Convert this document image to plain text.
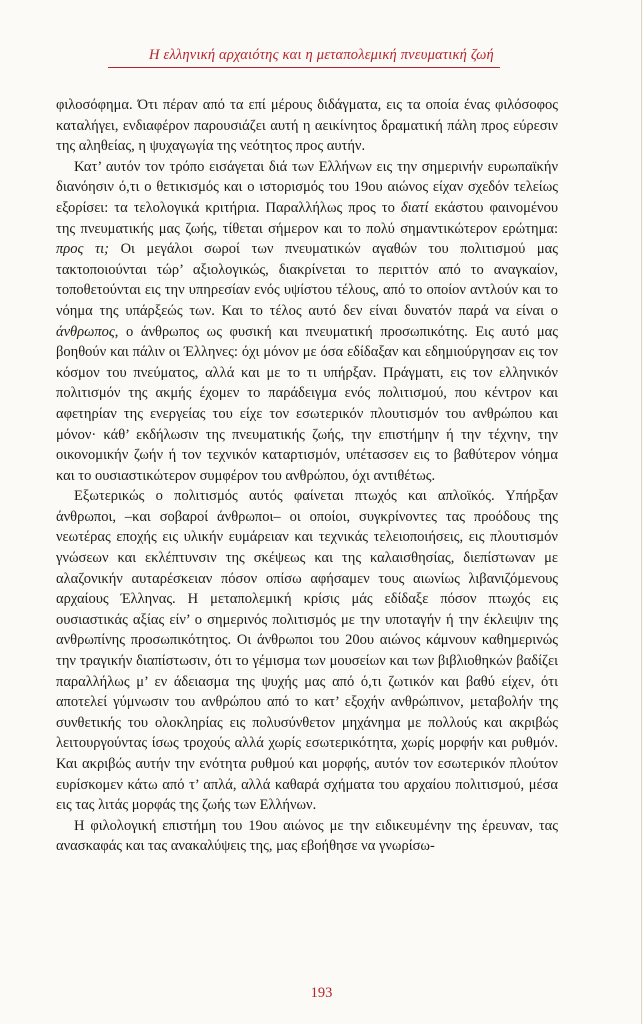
Η ελληνική αρχαιότης και η μεταπολεμική πνευματική ζωή

φιλοσόφημα. Ότι πέραν από τα επί μέρους διδάγματα, εις τα οποία ένας φιλόσοφος καταλήγει, ενδιαφέρον παρουσιάζει αυτή η αεικίνητος δραματική πάλη προς εύρεσιν της αληθείας, η ψυχαγωγία της νεότητος προς αυτήν.

Κατ’ αυτόν τον τρόπο εισάγεται διά των Ελλήνων εις την σημερινήν ευρωπαϊκήν διανόησιν ό,τι ο θετικισμός και ο ιστορισμός του 19ου αιώνος είχαν σχεδόν τελείως εξορίσει: τα τελολογικά κριτήρια. Παραλλήλως προς το διατί εκάστου φαινομένου της πνευματικής μας ζωής, τίθεται σήμερον και το πολύ σημαντικώτερον ερώτημα: προς τι; Οι μεγάλοι σωροί των πνευματικών αγαθών του πολιτισμού μας τακτοποιούνται τώρ’ αξιολογικώς, διακρίνεται το περιττόν από το αναγκαίον, τοποθετούνται εις την υπηρεσίαν ενός υψίστου τέλους, από το οποίον αντλούν και το νόημα της υπάρξεώς των. Και το τέλος αυτό δεν είναι δυνατόν παρά να είναι ο άνθρωπος, ο άνθρωπος ως φυσική και πνευματική προσωπικότης. Εις αυτό μας βοηθούν και πάλιν οι Έλληνες: όχι μόνον με όσα εδίδαξαν και εδημιούργησαν εις τον κόσμον του πνεύματος, αλλά και με το τι υπήρξαν. Πράγματι, εις τον ελληνικόν πολιτισμόν της ακμής έχομεν το παράδειγμα ενός πολιτισμού, που κέντρον και αφετηρίαν της ενεργείας του είχε τον εσωτερικόν πλουτισμόν του ανθρώπου και μόνον· κάθ’ εκδήλωσιν της πνευματικής ζωής, την επιστήμην ή την τέχνην, την οικονομικήν ζωήν ή τον τεχνικόν καταρτισμόν, υπέτασσεν εις το βαθύτερον νόημα και το ουσιαστικώτερον συμφέρον του ανθρώπου, όχι αντιθέτως.

Εξωτερικώς ο πολιτισμός αυτός φαίνεται πτωχός και απλοϊκός. Υπήρξαν άνθρωποι, –και σοβαροί άνθρωποι– οι οποίοι, συγκρίνοντες τας προόδους της νεωτέρας εποχής εις υλικήν ευμάρειαν και τεχνικάς τελειοποιήσεις, εις πλουτισμόν γνώσεων και εκλέπτυνσιν της σκέψεως και της καλαισθησίας, διεπίστωναν με αλαζονικήν αυταρέσκειαν πόσον οπίσω αφήσαμεν τους αιωνίως λιβανιζόμενους αρχαίους Έλληνας. Η μεταπολεμική κρίσις μάς εδίδαξε πόσον πτωχός εις ουσιαστικάς αξίας είν’ ο σημερινός πολιτισμός με την υποταγήν ή την έκλειψιν της ανθρωπίνης προσωπικότητος. Οι άνθρωποι του 20ου αιώνος κάμνουν καθημερινώς την τραγικήν διαπίστωσιν, ότι το γέμισμα των μουσείων και των βιβλιοθηκών βαδίζει παραλλήλως μ’ εν άδειασμα της ψυχής μας από ό,τι ζωτικόν και βαθύ είχεν, ότι αποτελεί γύμνωσιν του ανθρώπου από το κατ’ εξοχήν ανθρώπινον, μεταβολήν της συνθετικής του ολοκληρίας εις πολυσύνθετον μηχάνημα με πολλούς και ακριβώς λειτουργούντας ίσως τροχούς αλλά χωρίς εσωτερικότητα, χωρίς μορφήν και ρυθμόν. Και ακριβώς αυτήν την ενότητα ρυθμού και μορφής, αυτόν τον εσωτερικόν πλούτον ευρίσκομεν κάτω από τ’ απλά, αλλά καθαρά σχήματα του αρχαίου πολιτισμού, μέσα εις τας λιτάς μορφάς της ζωής των Ελλήνων.

Η φιλολογική επιστήμη του 19ου αιώνος με την ειδικευμένην της έρευναν, τας ανασκαφάς και τας ανακαλύψεις της, μας εβοήθησε να γνωρίσω-

193
